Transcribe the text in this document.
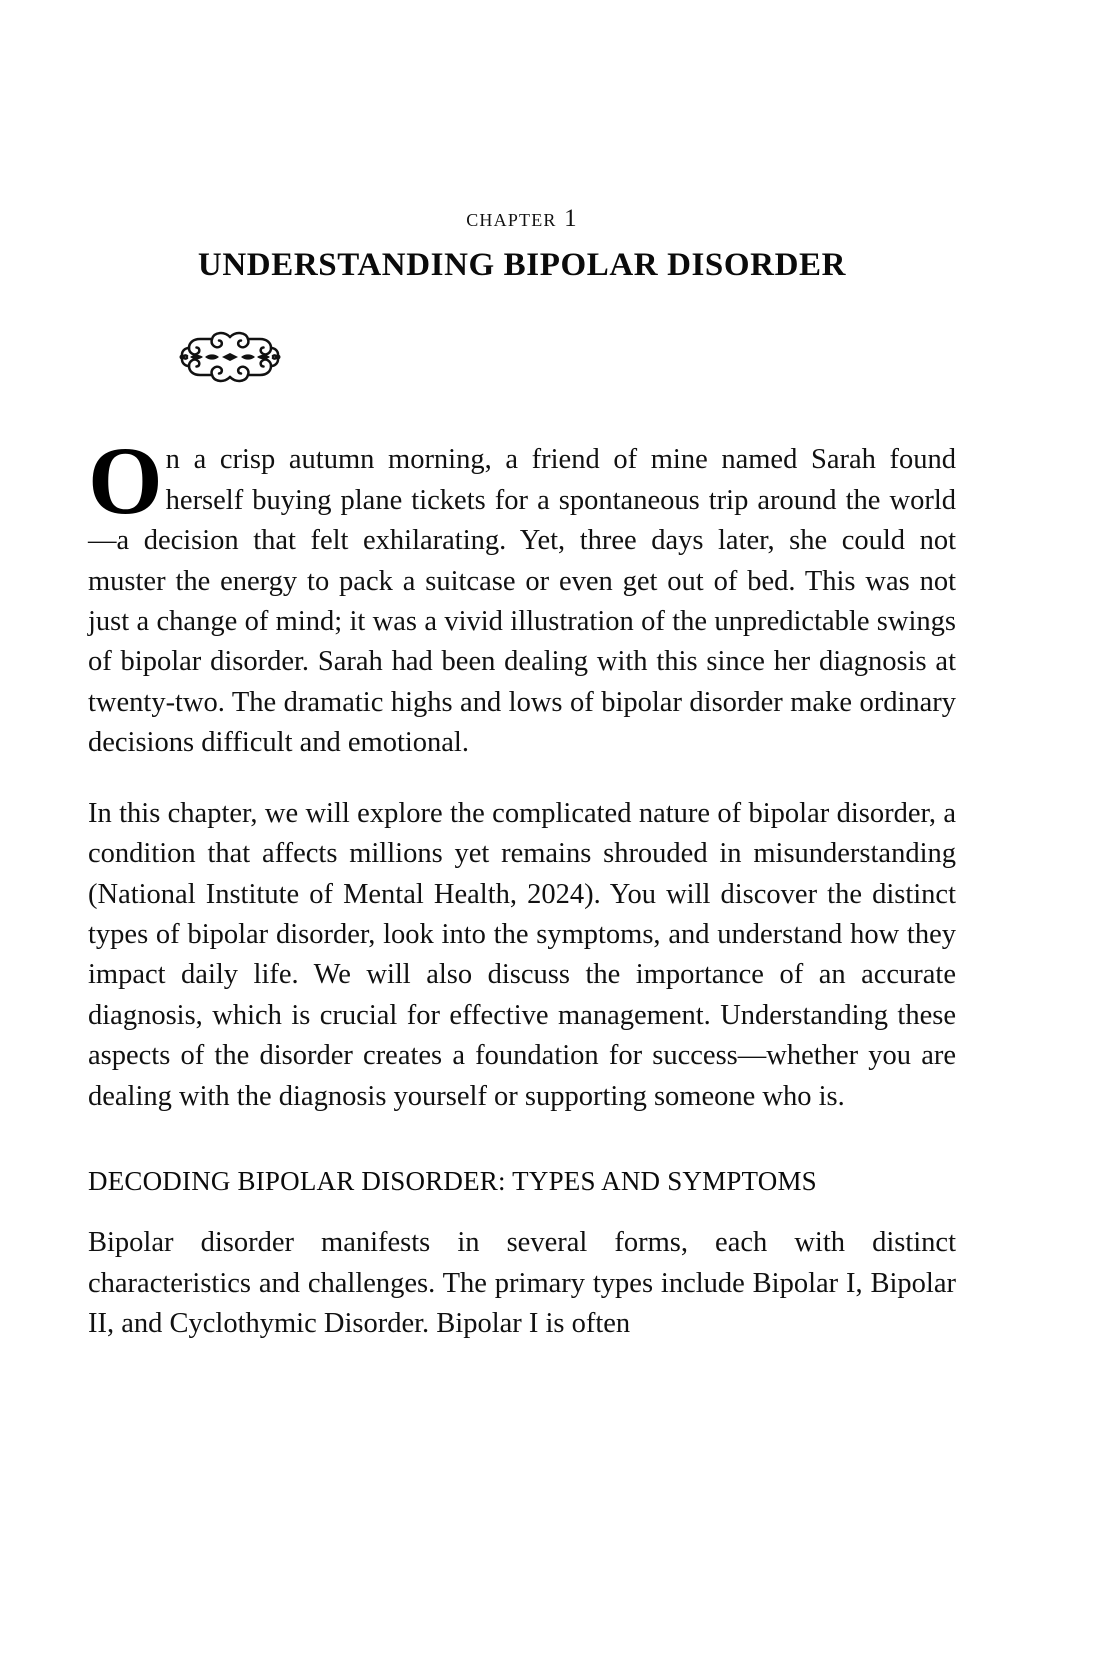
chapter 1
UNDERSTANDING BIPOLAR DISORDER

On a crisp autumn morning, a friend of mine named Sarah found herself buying plane tickets for a spontaneous trip around the world—a decision that felt exhilarating. Yet, three days later, she could not muster the energy to pack a suitcase or even get out of bed. This was not just a change of mind; it was a vivid illustration of the unpredictable swings of bipolar disorder. Sarah had been dealing with this since her diagnosis at twenty-two. The dramatic highs and lows of bipolar disorder make ordinary decisions difficult and emotional.

In this chapter, we will explore the complicated nature of bipolar disorder, a condition that affects millions yet remains shrouded in misunderstanding (National Institute of Mental Health, 2024). You will discover the distinct types of bipolar disorder, look into the symptoms, and understand how they impact daily life. We will also discuss the importance of an accurate diagnosis, which is crucial for effective management. Understanding these aspects of the disorder creates a foundation for success—whether you are dealing with the diagnosis yourself or supporting someone who is.

DECODING BIPOLAR DISORDER: TYPES AND SYMPTOMS

Bipolar disorder manifests in several forms, each with distinct characteristics and challenges. The primary types include Bipolar I, Bipolar II, and Cyclothymic Disorder. Bipolar I is often
